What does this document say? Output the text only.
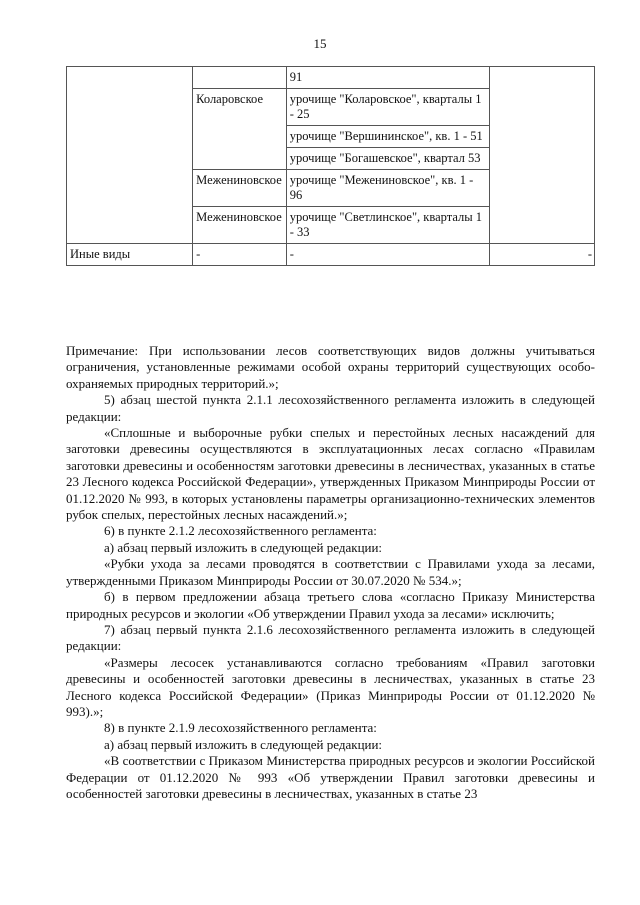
15
		91	
	Коларовское	урочище "Коларовское", кварталы 1 - 25	
		урочище "Вершининское", кв. 1 - 51	
		урочище "Богашевское", квартал 53	
	Межениновское	урочище "Межениновское", кв. 1 - 96	
	Межениновское	урочище "Светлинское", кварталы 1 - 33	
Иные виды	-	-	-

Примечание: При использовании лесов соответствующих видов должны учитываться ограничения, установленные режимами особой охраны территорий существующих особо-охраняемых природных территорий.»;

5) абзац шестой пункта 2.1.1 лесохозяйственного регламента изложить в следующей редакции:

«Сплошные и выборочные рубки спелых и перестойных лесных насаждений для заготовки древесины осуществляются в эксплуатационных лесах согласно «Правилам заготовки древесины и особенностям заготовки древесины в лесничествах, указанных в статье 23 Лесного кодекса Российской Федерации», утвержденных Приказом Минприроды России от 01.12.2020 № 993, в которых установлены параметры организационно-технических элементов рубок спелых, перестойных лесных насаждений.»;

6) в пункте 2.1.2 лесохозяйственного регламента:

а) абзац первый изложить в следующей редакции:

«Рубки ухода за лесами проводятся в соответствии с Правилами ухода за лесами, утвержденными Приказом Минприроды России от 30.07.2020 № 534.»;

б) в первом предложении абзаца третьего слова «согласно Приказу Министерства природных ресурсов и экологии «Об утверждении Правил ухода за лесами» исключить;

7) абзац первый пункта 2.1.6 лесохозяйственного регламента изложить в следующей редакции:

«Размеры лесосек устанавливаются согласно требованиям «Правил заготовки древесины и особенностей заготовки древесины в лесничествах, указанных в статье 23 Лесного кодекса Российской Федерации» (Приказ Минприроды России от 01.12.2020 № 993).»;

8) в пункте 2.1.9 лесохозяйственного регламента:

а) абзац первый изложить в следующей редакции:

«В соответствии с Приказом Министерства природных ресурсов и экологии Российской Федерации от 01.12.2020 № 993 «Об утверждении Правил заготовки древесины и особенностей заготовки древесины в лесничествах, указанных в статье 23
